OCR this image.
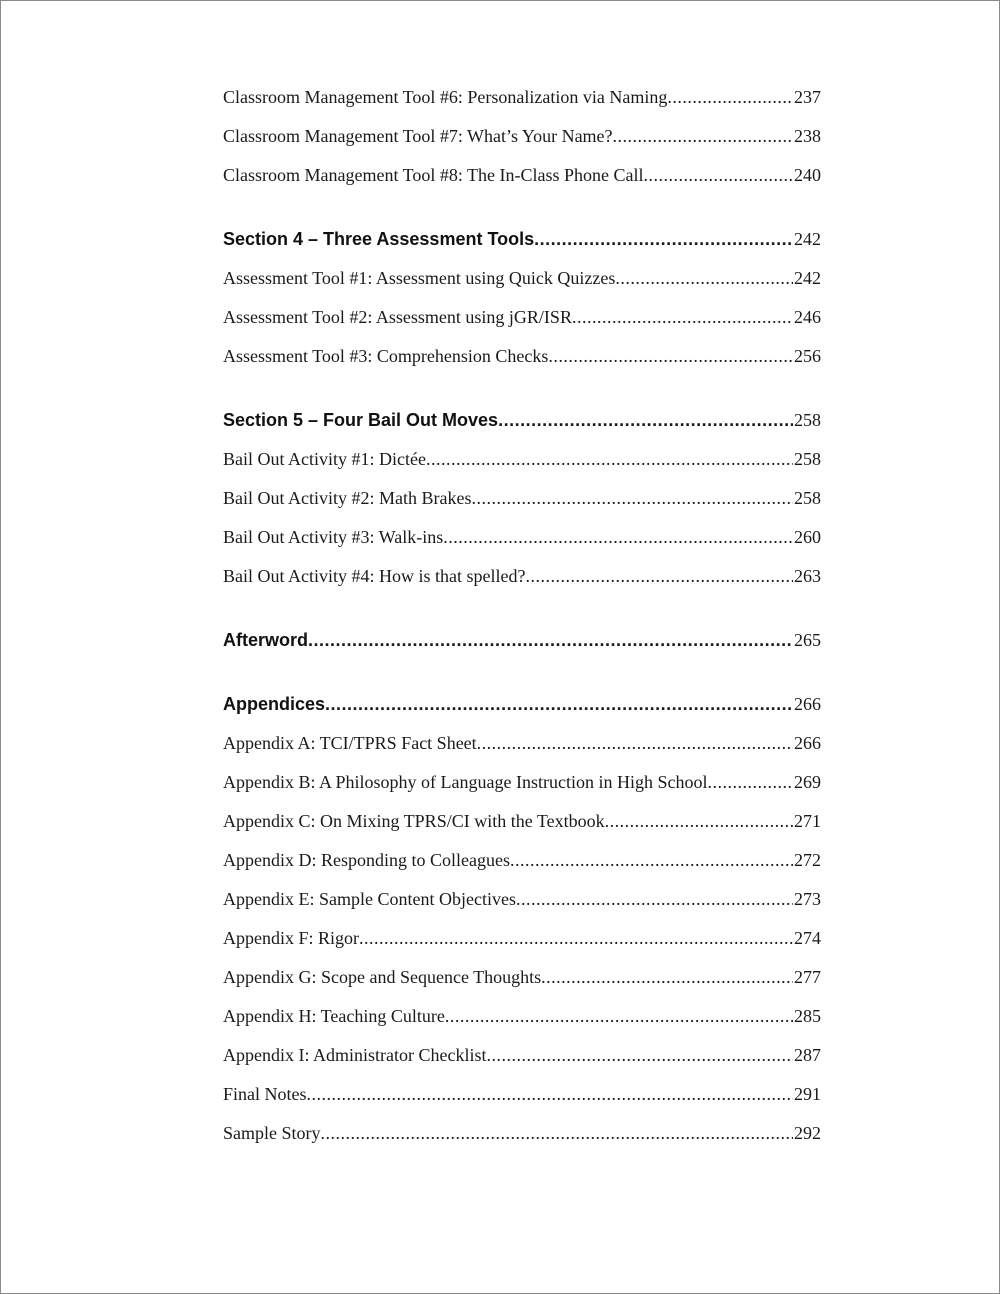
Classroom Management Tool #6: Personalization via Naming .....	237
Classroom Management Tool #7: What’s Your Name? .....	238
Classroom Management Tool #8: The In-Class Phone Call .....	240
Section 4 – Three Assessment Tools .....	242
Assessment Tool #1: Assessment using Quick Quizzes .....	242
Assessment Tool #2: Assessment using jGR/ISR .....	246
Assessment Tool #3: Comprehension Checks .....	256
Section 5 – Four Bail Out Moves .....	258
Bail Out Activity #1: Dictée .....	258
Bail Out Activity #2: Math Brakes .....	258
Bail Out Activity #3: Walk-ins .....	260
Bail Out Activity #4: How is that spelled? .....	263
Afterword .....	265
Appendices .....	266
Appendix A: TCI/TPRS Fact Sheet .....	266
Appendix B: A Philosophy of Language Instruction in High School .....	269
Appendix C: On Mixing TPRS/CI with the Textbook .....	271
Appendix D: Responding to Colleagues .....	272
Appendix E: Sample Content Objectives .....	273
Appendix F: Rigor .....	274
Appendix G: Scope and Sequence Thoughts .....	277
Appendix H: Teaching Culture .....	285
Appendix I: Administrator Checklist .....	287
Final Notes .....	291
Sample Story .....	292
